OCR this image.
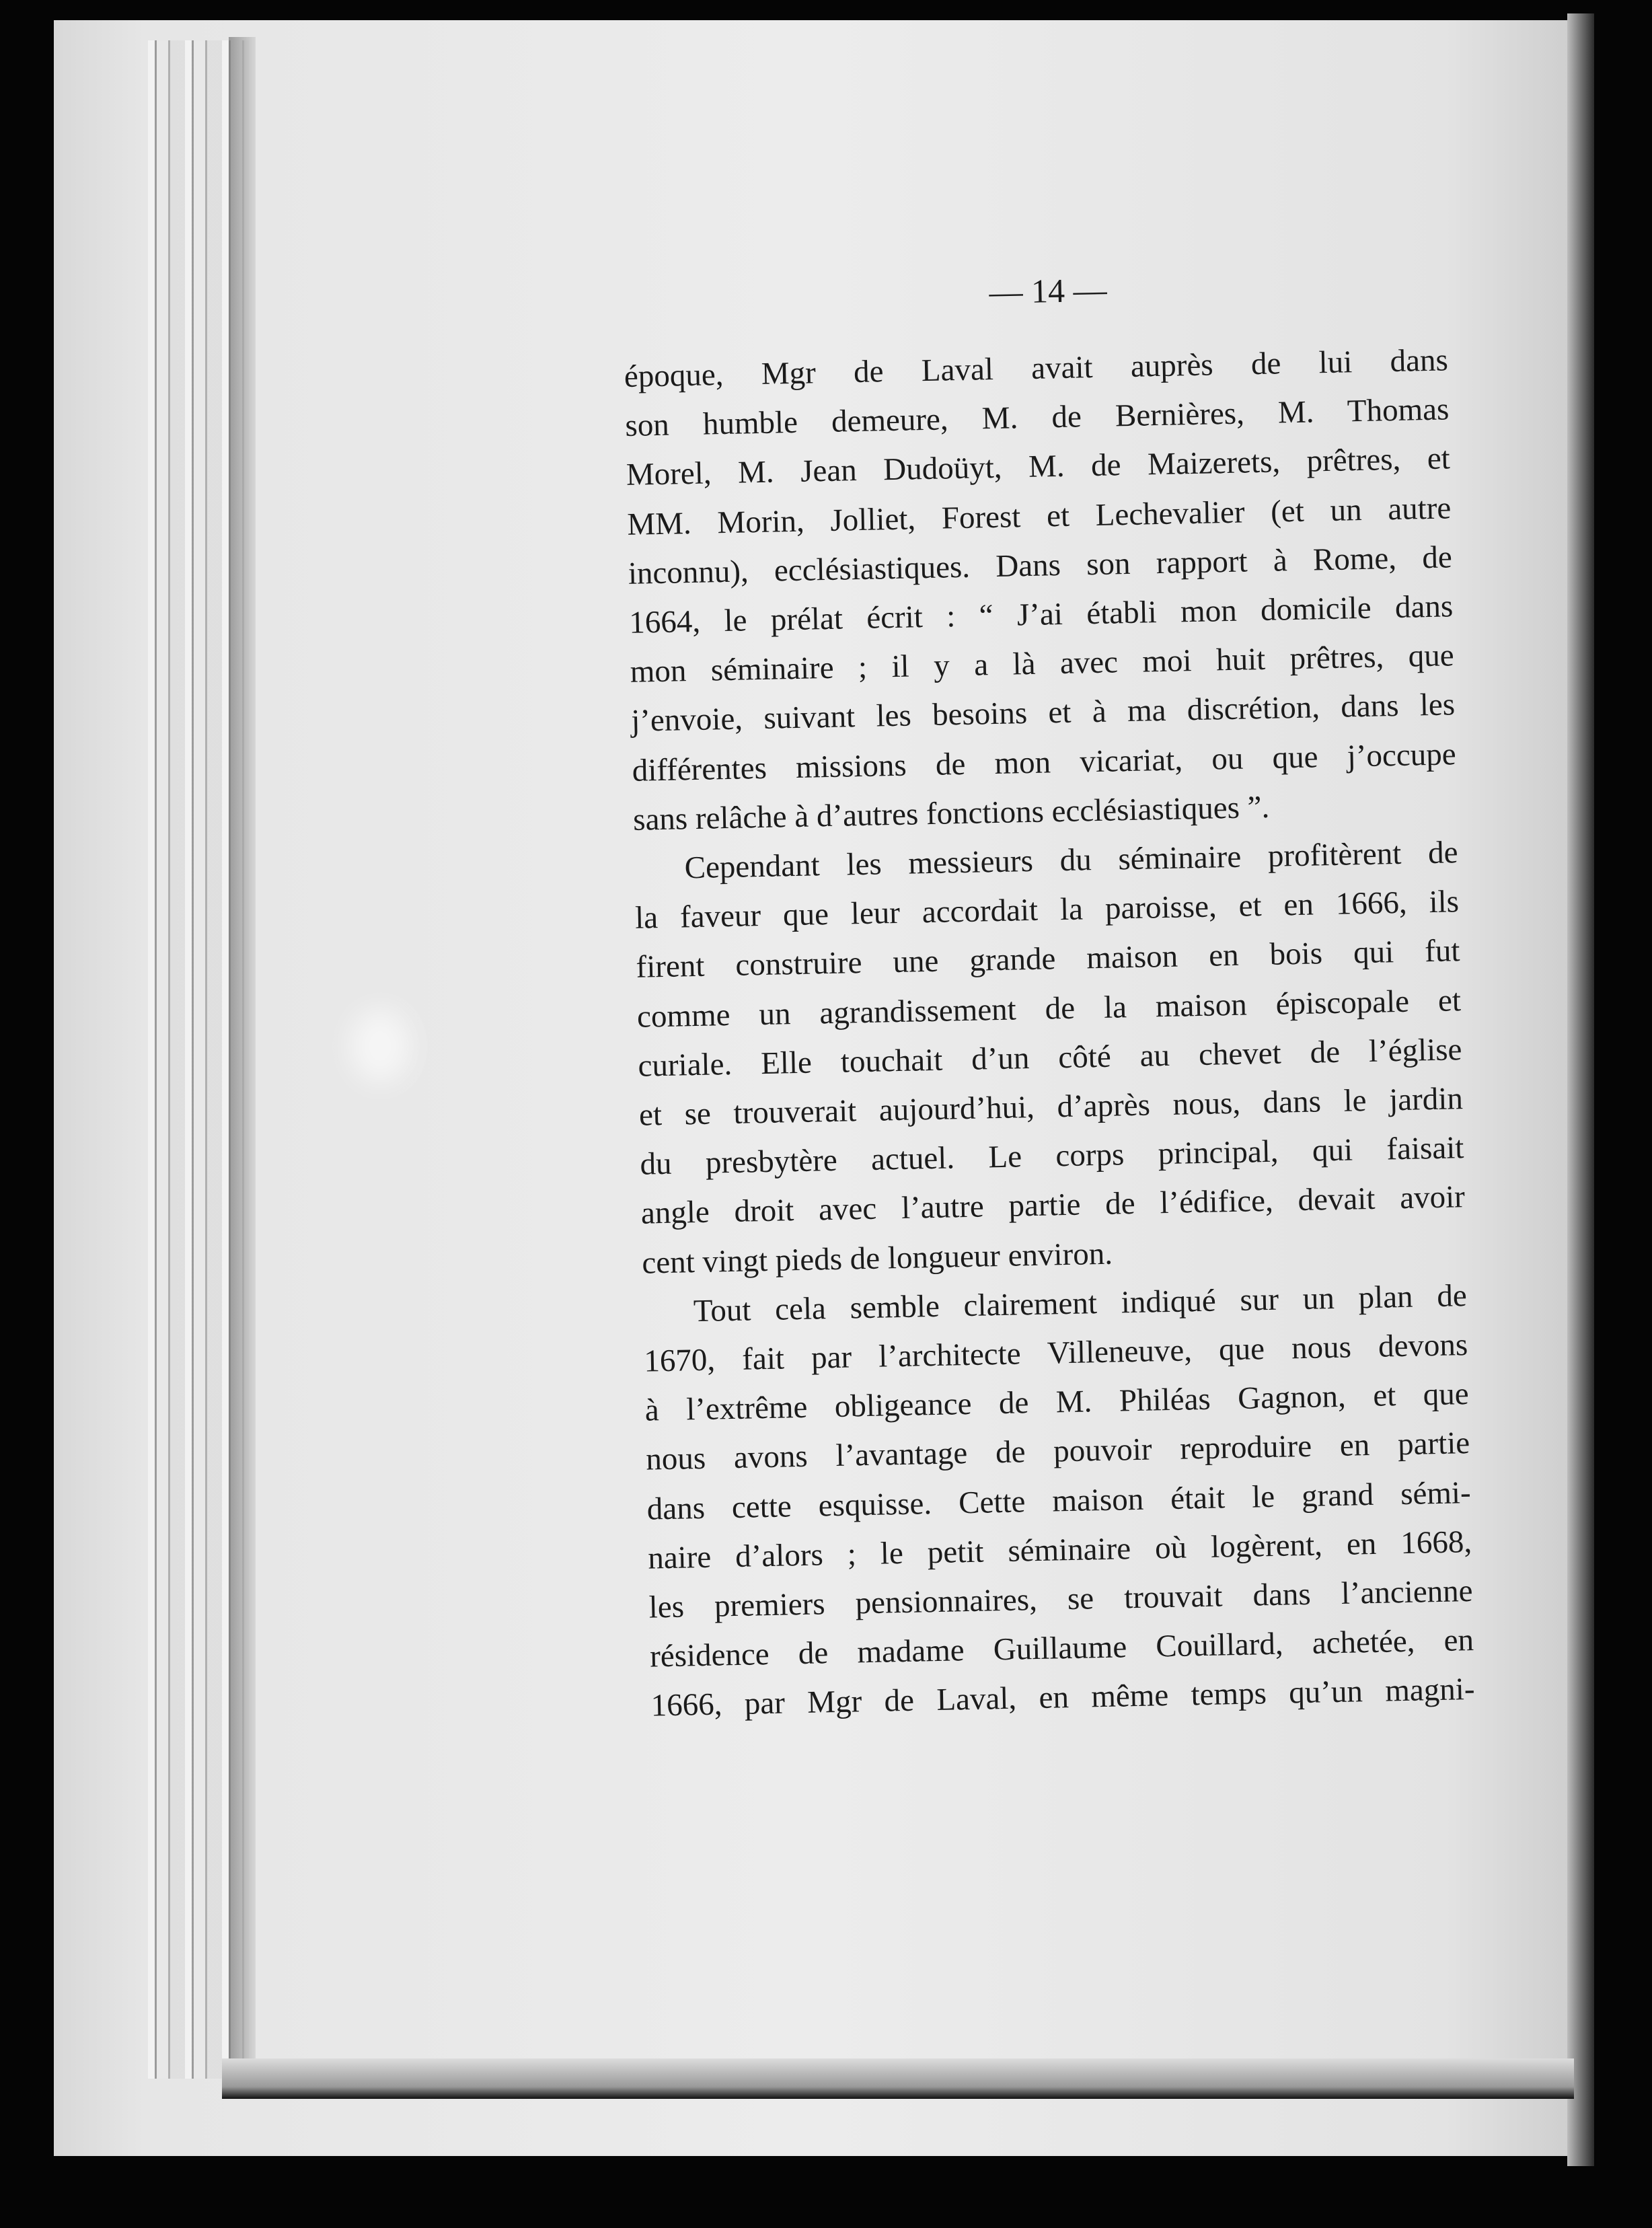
— 14 —

époque, Mgr de Laval avait auprès de lui dans
son humble demeure, M. de Bernières, M. Thomas
Morel, M. Jean Dudoüyt, M. de Maizerets, prêtres, et
MM. Morin, Jolliet, Forest et Lechevalier (et un autre
inconnu), ecclésiastiques. Dans son rapport à Rome, de
1664, le prélat écrit : “ J’ai établi mon domicile dans
mon séminaire ; il y a là avec moi huit prêtres, que
j’envoie, suivant les besoins et à ma discrétion, dans les
différentes missions de mon vicariat, ou que j’occupe
sans relâche à d’autres fonctions ecclésiastiques ”.

Cependant les messieurs du séminaire profitèrent de
la faveur que leur accordait la paroisse, et en 1666, ils
firent construire une grande maison en bois qui fut
comme un agrandissement de la maison épiscopale et
curiale. Elle touchait d’un côté au chevet de l’église
et se trouverait aujourd’hui, d’après nous, dans le jardin
du presbytère actuel. Le corps principal, qui faisait
angle droit avec l’autre partie de l’édifice, devait avoir
cent vingt pieds de longueur environ.

Tout cela semble clairement indiqué sur un plan de
1670, fait par l’architecte Villeneuve, que nous devons
à l’extrême obligeance de M. Philéas Gagnon, et que
nous avons l’avantage de pouvoir reproduire en partie
dans cette esquisse. Cette maison était le grand sémi-
naire d’alors ; le petit séminaire où logèrent, en 1668,
les premiers pensionnaires, se trouvait dans l’ancienne
résidence de madame Guillaume Couillard, achetée, en
1666, par Mgr de Laval, en même temps qu’un magni-
